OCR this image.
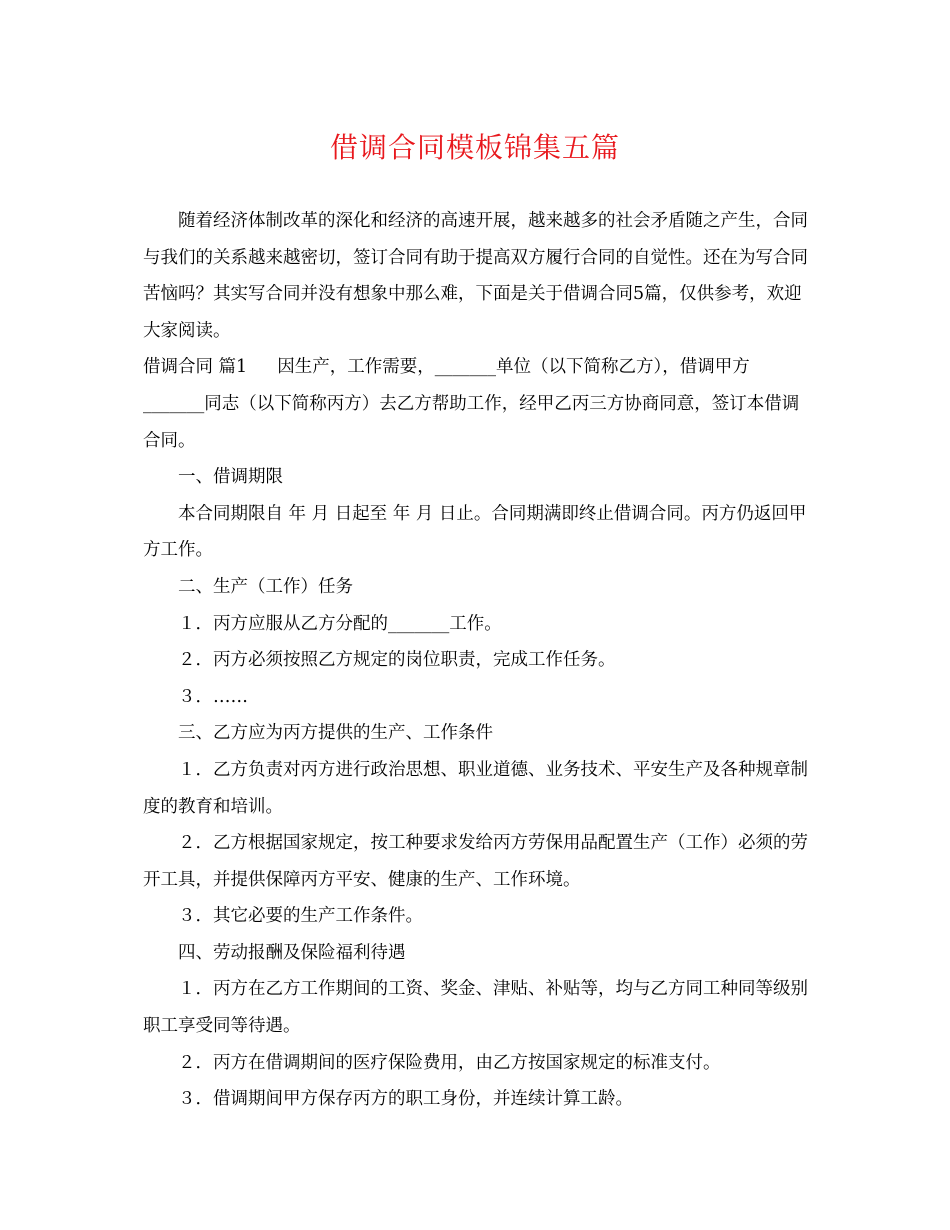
借调合同模板锦集五篇

随着经济体制改革的深化和经济的高速开展，越来越多的社会矛盾随之产生，合同与我们的关系越来越密切，签订合同有助于提高双方履行合同的自觉性。还在为写合同苦恼吗？其实写合同并没有想象中那么难，下面是关于借调合同5篇，仅供参考，欢迎大家阅读。

借调合同 篇1 因生产，工作需要，_______单位（以下简称乙方），借调甲方_______同志（以下简称丙方）去乙方帮助工作，经甲乙丙三方协商同意，签订本借调合同。

一、借调期限

本合同期限自 年 月 日起至 年 月 日止。合同期满即终止借调合同。丙方仍返回甲方工作。

二、生产（工作）任务

１．丙方应服从乙方分配的_______工作。

２．丙方必须按照乙方规定的岗位职责，完成工作任务。

３．……

三、乙方应为丙方提供的生产、工作条件

１．乙方负责对丙方进行政治思想、职业道德、业务技术、平安生产及各种规章制度的教育和培训。

２．乙方根据国家规定，按工种要求发给丙方劳保用品配置生产（工作）必须的劳开工具，并提供保障丙方平安、健康的生产、工作环境。

３．其它必要的生产工作条件。

四、劳动报酬及保险福利待遇

１．丙方在乙方工作期间的工资、奖金、津贴、补贴等，均与乙方同工种同等级别职工享受同等待遇。

２．丙方在借调期间的医疗保险费用，由乙方按国家规定的标准支付。

３．借调期间甲方保存丙方的职工身份，并连续计算工龄。
